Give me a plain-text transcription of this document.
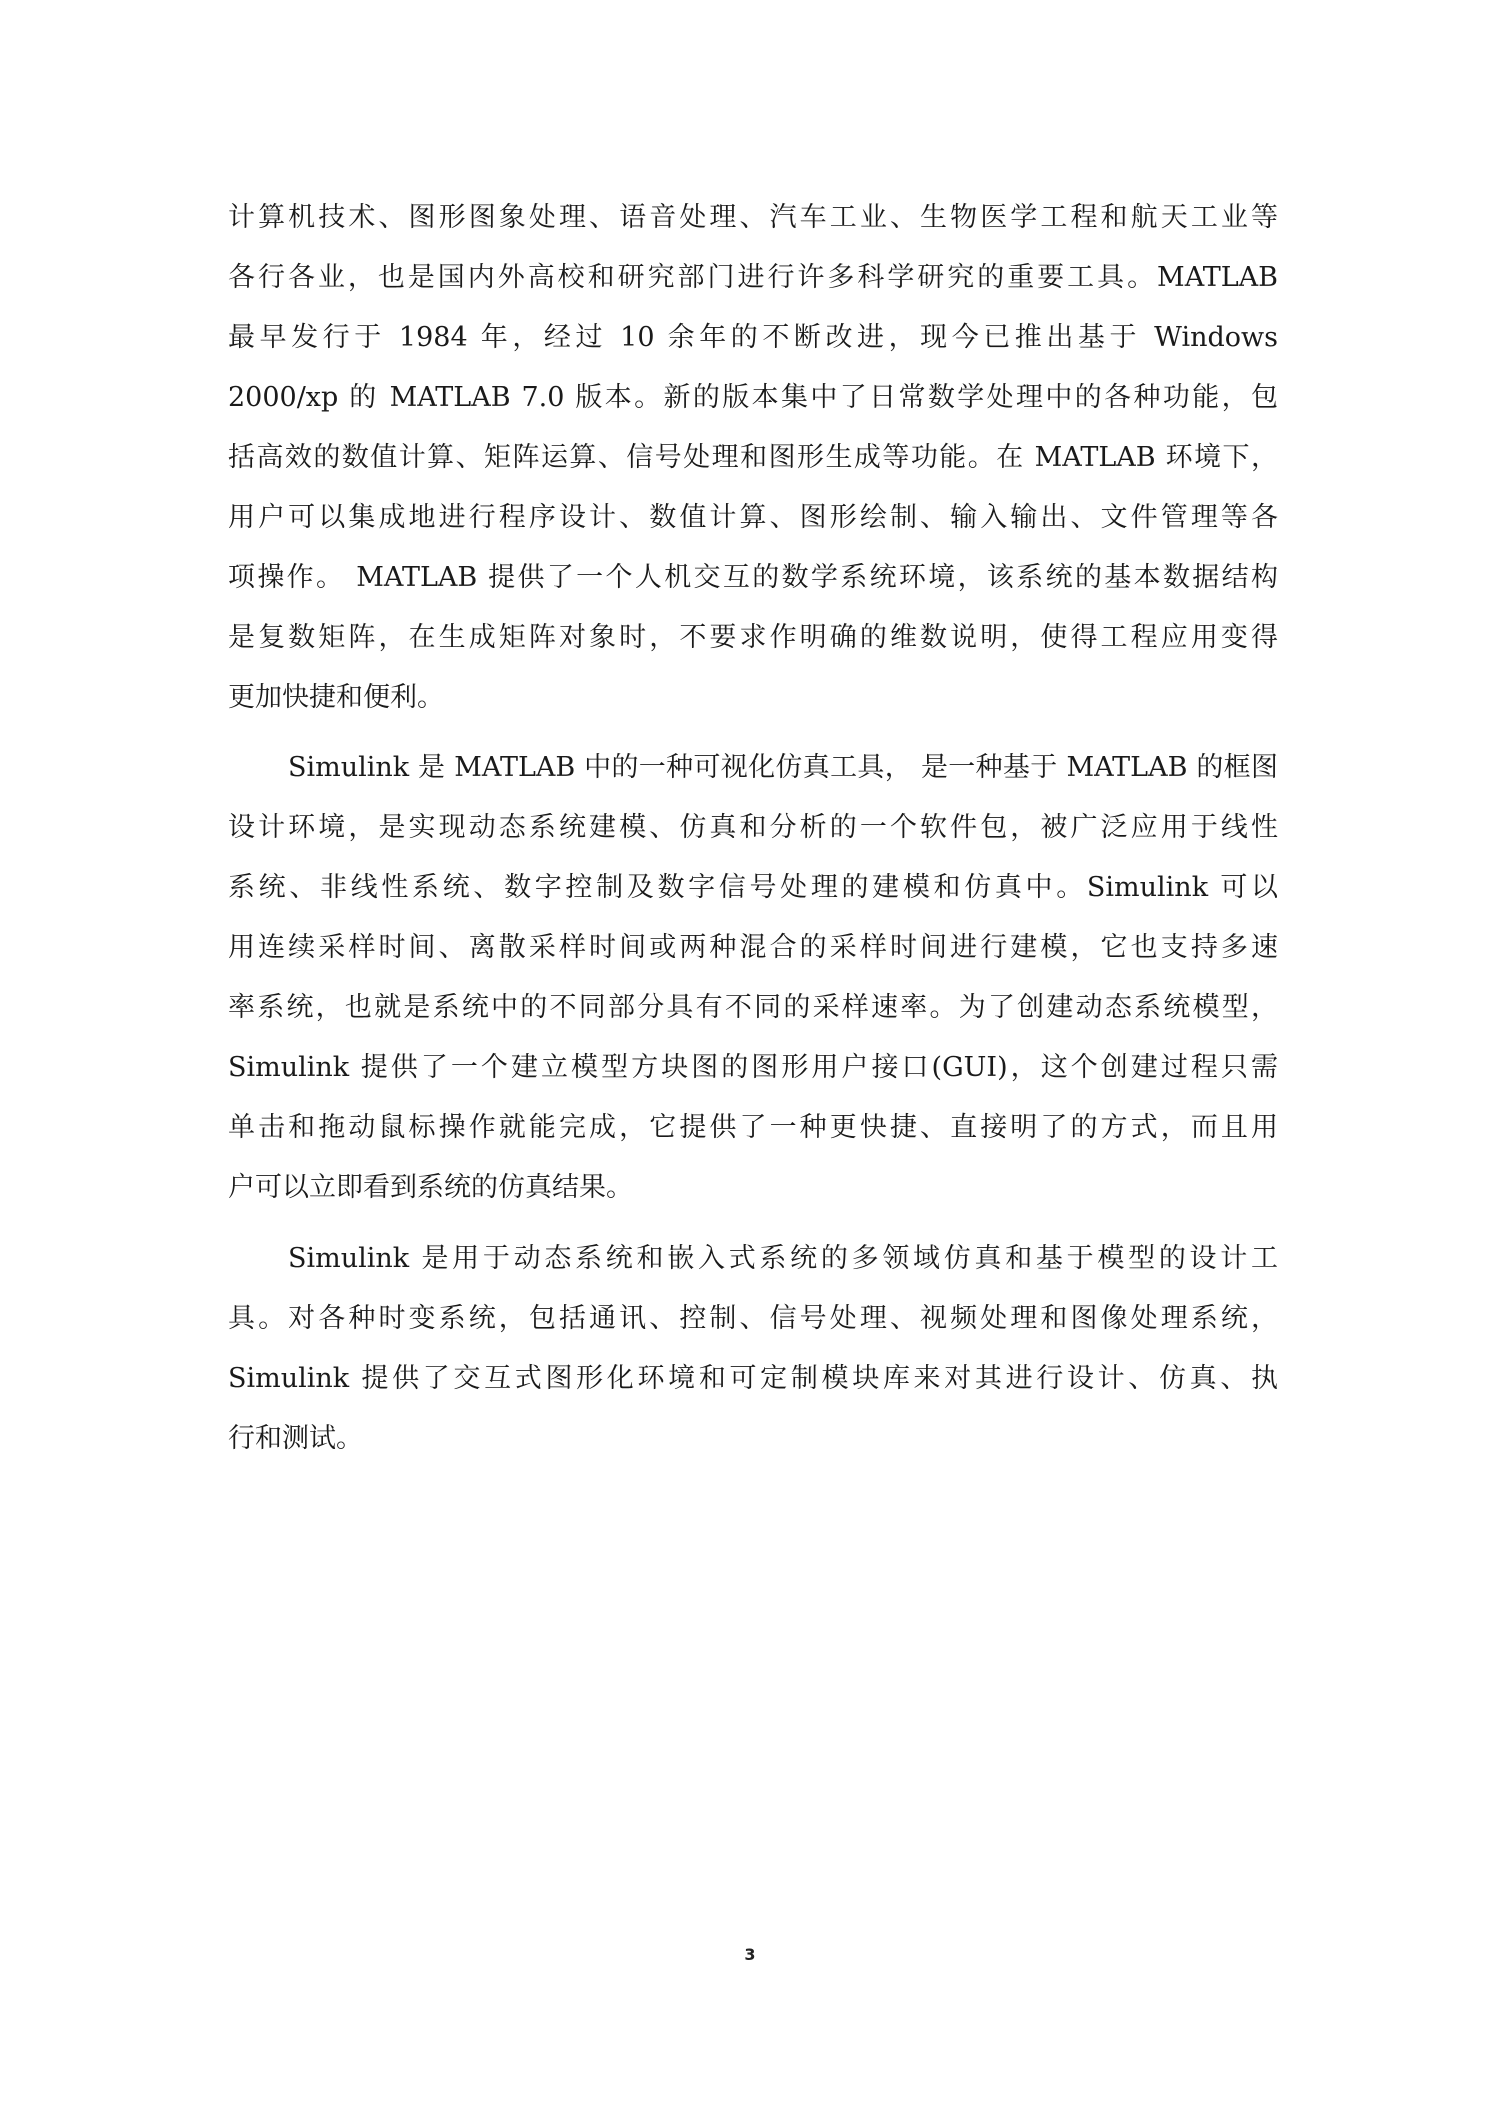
计算机技术、图形图象处理、语音处理、汽车工业、生物医学工程和航天工业等
各行各业，也是国内外高校和研究部门进行许多科学研究的重要工具。MATLAB
最早发行于 1984 年，经过 10 余年的不断改进，现今已推出基于 Windows
2000/xp 的 MATLAB 7.0 版本。新的版本集中了日常数学处理中的各种功能，包
括高效的数值计算、矩阵运算、信号处理和图形生成等功能。在 MATLAB 环境下，
用户可以集成地进行程序设计、数值计算、图形绘制、输入输出、文件管理等各
项操作。 MATLAB 提供了一个人机交互的数学系统环境，该系统的基本数据结构
是复数矩阵，在生成矩阵对象时，不要求作明确的维数说明，使得工程应用变得
更加快捷和便利。
Simulink 是 MATLAB 中的一种可视化仿真工具， 是一种基于 MATLAB 的框图
设计环境，是实现动态系统建模、仿真和分析的一个软件包，被广泛应用于线性
系统、非线性系统、数字控制及数字信号处理的建模和仿真中。Simulink 可以
用连续采样时间、离散采样时间或两种混合的采样时间进行建模，它也支持多速
率系统，也就是系统中的不同部分具有不同的采样速率。为了创建动态系统模型，
Simulink 提供了一个建立模型方块图的图形用户接口(GUI)，这个创建过程只需
单击和拖动鼠标操作就能完成，它提供了一种更快捷、直接明了的方式，而且用
户可以立即看到系统的仿真结果。
Simulink 是用于动态系统和嵌入式系统的多领域仿真和基于模型的设计工
具。对各种时变系统，包括通讯、控制、信号处理、视频处理和图像处理系统，
Simulink 提供了交互式图形化环境和可定制模块库来对其进行设计、仿真、执
行和测试。
3
